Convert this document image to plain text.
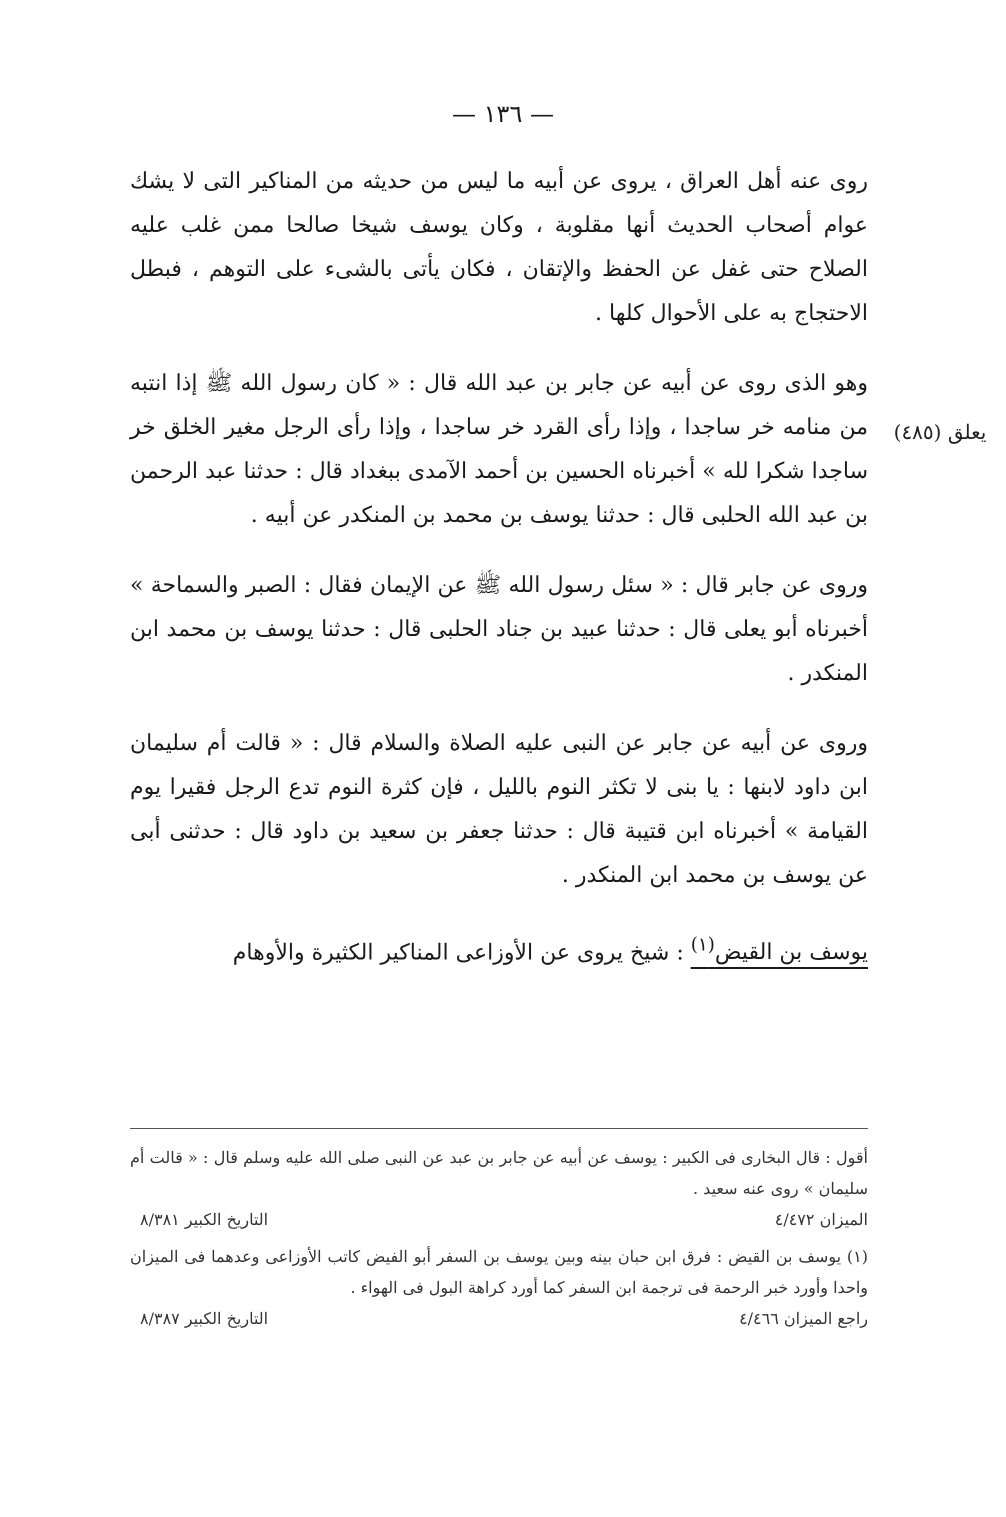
— ١٣٦ —
يعلق (٤٨٥)

روى عنه أهل العراق ، يروى عن أبيه ما ليس من حديثه من المناكير التى لا يشك عوام أصحاب الحديث أنها مقلوبة ، وكان يوسف شيخا صالحا ممن غلب عليه الصلاح حتى غفل عن الحفظ والإتقان ، فكان يأتى بالشىء على التوهم ، فبطل الاحتجاج به على الأحوال كلها .

وهو الذى روى عن أبيه عن جابر بن عبد الله قال : « كان رسول الله ﷺ إذا انتبه من منامه خر ساجدا ، وإذا رأى القرد خر ساجدا ، وإذا رأى الرجل مغير الخلق خر ساجدا شكرا لله » أخبرناه الحسين بن أحمد الآمدى ببغداد قال : حدثنا عبد الرحمن بن عبد الله الحلبى قال : حدثنا يوسف بن محمد بن المنكدر عن أبيه .

وروى عن جابر قال : « سئل رسول الله ﷺ عن الإيمان فقال : الصبر والسماحة » أخبرناه أبو يعلى قال : حدثنا عبيد بن جناد الحلبى قال : حدثنا يوسف بن محمد ابن المنكدر .

وروى عن أبيه عن جابر عن النبى عليه الصلاة والسلام قال : « قالت أم سليمان ابن داود لابنها : يا بنى لا تكثر النوم بالليل ، فإن كثرة النوم تدع الرجل فقيرا يوم القيامة » أخبرناه ابن قتيبة قال : حدثنا جعفر بن سعيد بن داود قال : حدثنى أبى عن يوسف بن محمد ابن المنكدر .

يوسف بن القيض$^{(١)}$ : شيخ يروى عن الأوزاعى المناكير الكثيرة والأوهام

أقول : قال البخارى فى الكبير : يوسف عن أبيه عن جابر بن عبد عن النبى صلى الله عليه وسلم قال : « قالت أم سليمان » روى عنه سعيد .

الميزان ٤/٤٧٢
التاريخ الكبير ٨/٣٨١

(١) يوسف بن القيض : فرق ابن حبان بينه وبين يوسف بن السفر أبو الفيض كاتب الأوزاعى وعدهما فى الميزان واحدا وأورد خبر الرحمة فى ترجمة ابن السفر كما أورد كراهة البول فى الهواء .

راجع الميزان ٤/٤٦٦
التاريخ الكبير ٨/٣٨٧
